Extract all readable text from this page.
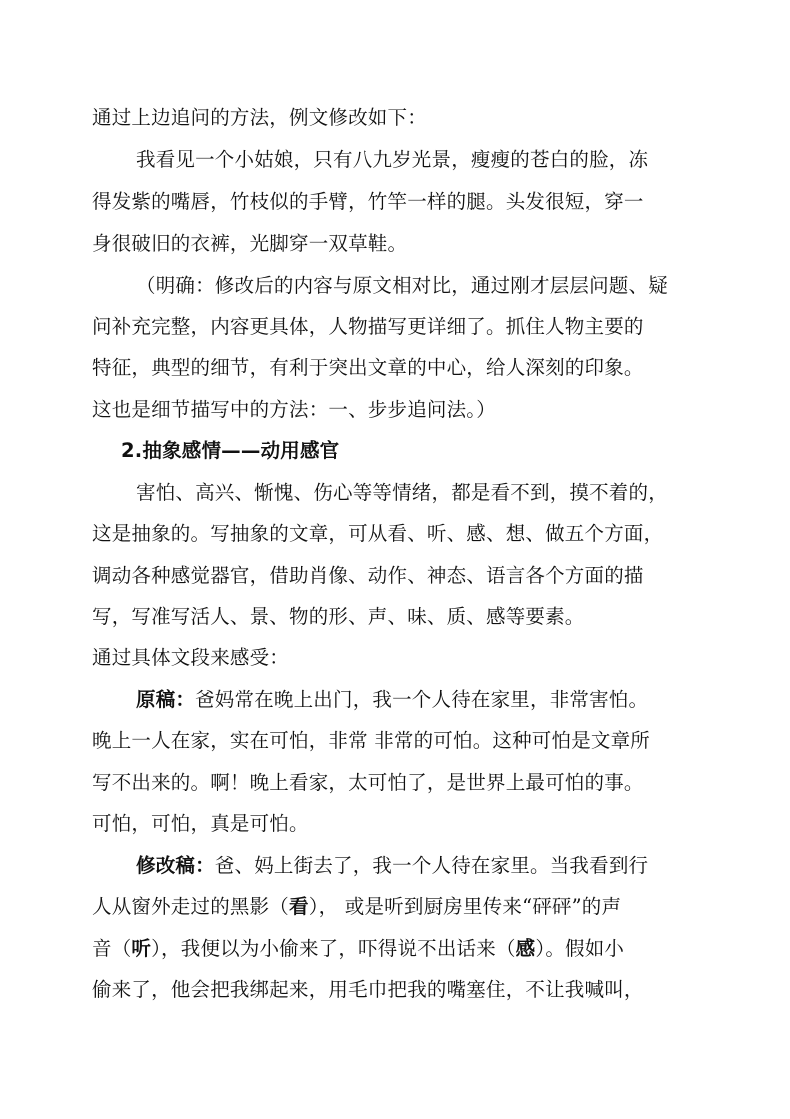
通过上边追问的方法，例文修改如下：
我看见一个小姑娘，只有八九岁光景，瘦瘦的苍白的脸，冻
得发紫的嘴唇，竹枝似的手臂，竹竿一样的腿。头发很短，穿一
身很破旧的衣裤，光脚穿一双草鞋。
（明确：修改后的内容与原文相对比，通过刚才层层问题、疑
问补充完整，内容更具体，人物描写更详细了。抓住人物主要的
特征，典型的细节，有利于突出文章的中心，给人深刻的印象。
这也是细节描写中的方法：一、步步追问法。）
2.抽象感情——动用感官
害怕、高兴、惭愧、伤心等等情绪，都是看不到，摸不着的，
这是抽象的。写抽象的文章，可从看、听、感、想、做五个方面，
调动各种感觉器官，借助肖像、动作、神态、语言各个方面的描
写，写准写活人、景、物的形、声、味、质、感等要素。
通过具体文段来感受：
原稿：爸妈常在晚上出门，我一个人待在家里，非常害怕。
晚上一人在家，实在可怕，非常 非常的可怕。这种可怕是文章所
写不出来的。啊！晚上看家，太可怕了，是世界上最可怕的事。
可怕，可怕，真是可怕。
修改稿：爸、妈上街去了，我一个人待在家里。当我看到行
人从窗外走过的黑影（看）， 或是听到厨房里传来“砰砰”的声
音（听），我便以为小偷来了，吓得说不出话来（感）。假如小
偷来了，他会把我绑起来，用毛巾把我的嘴塞住，不让我喊叫，
